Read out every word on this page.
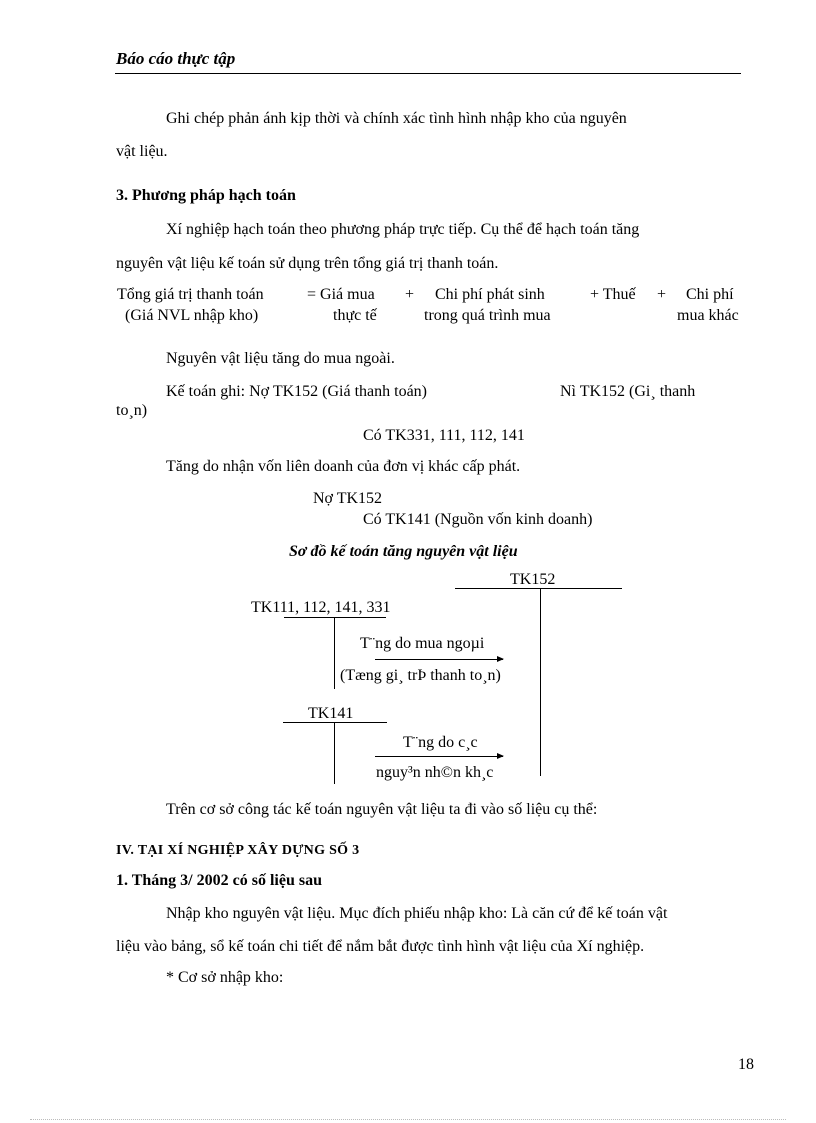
Báo cáo thực tập
Ghi chép phản ánh kịp thời và chính xác tình hình nhập kho của nguyên
vật liệu.
3. Phương pháp hạch toán
Xí nghiệp hạch toán theo phương pháp trực tiếp. Cụ thể để hạch toán tăng
nguyên vật liệu kế toán sử dụng trên tổng giá trị thanh toán.
Tổng giá trị thanh toán
(Giá NVL nhập kho)
= Giá mua
thực tế
+ Chi phí phát sinh
trong quá trình mua
+ Thuế + Chi phí
mua khác
Nguyên vật liệu tăng do mua ngoài.
Kế toán ghi: Nợ TK152 (Giá thanh toán)	Nì TK152 (Gi¸ thanh
to¸n)
Có TK331, 111, 112, 141
Tăng do nhận vốn liên doanh của đơn vị khác cấp phát.
Nợ TK152
Có TK141 (Nguồn vốn kinh doanh)
Sơ đồ kế toán tăng nguyên vật liệu
TK152
TK111, 112, 141, 331
T¨ng do mua ngoµi
(Tæng gi¸ trÞ thanh to¸n)
TK141
T¨ng do c¸c
nguy³n nh©n kh¸c
Trên cơ sở công tác kế toán nguyên vật liệu ta đi vào số liệu cụ thể:
IV. TẠI XÍ NGHIỆP XÂY DỰNG SỐ 3
1. Tháng 3/ 2002 có số liệu sau
Nhập kho nguyên vật liệu. Mục đích phiếu nhập kho: Là căn cứ để kế toán vật
liệu vào bảng, sổ kế toán chi tiết để nắm bắt được tình hình vật liệu của Xí nghiệp.
* Cơ sở nhập kho:
18
